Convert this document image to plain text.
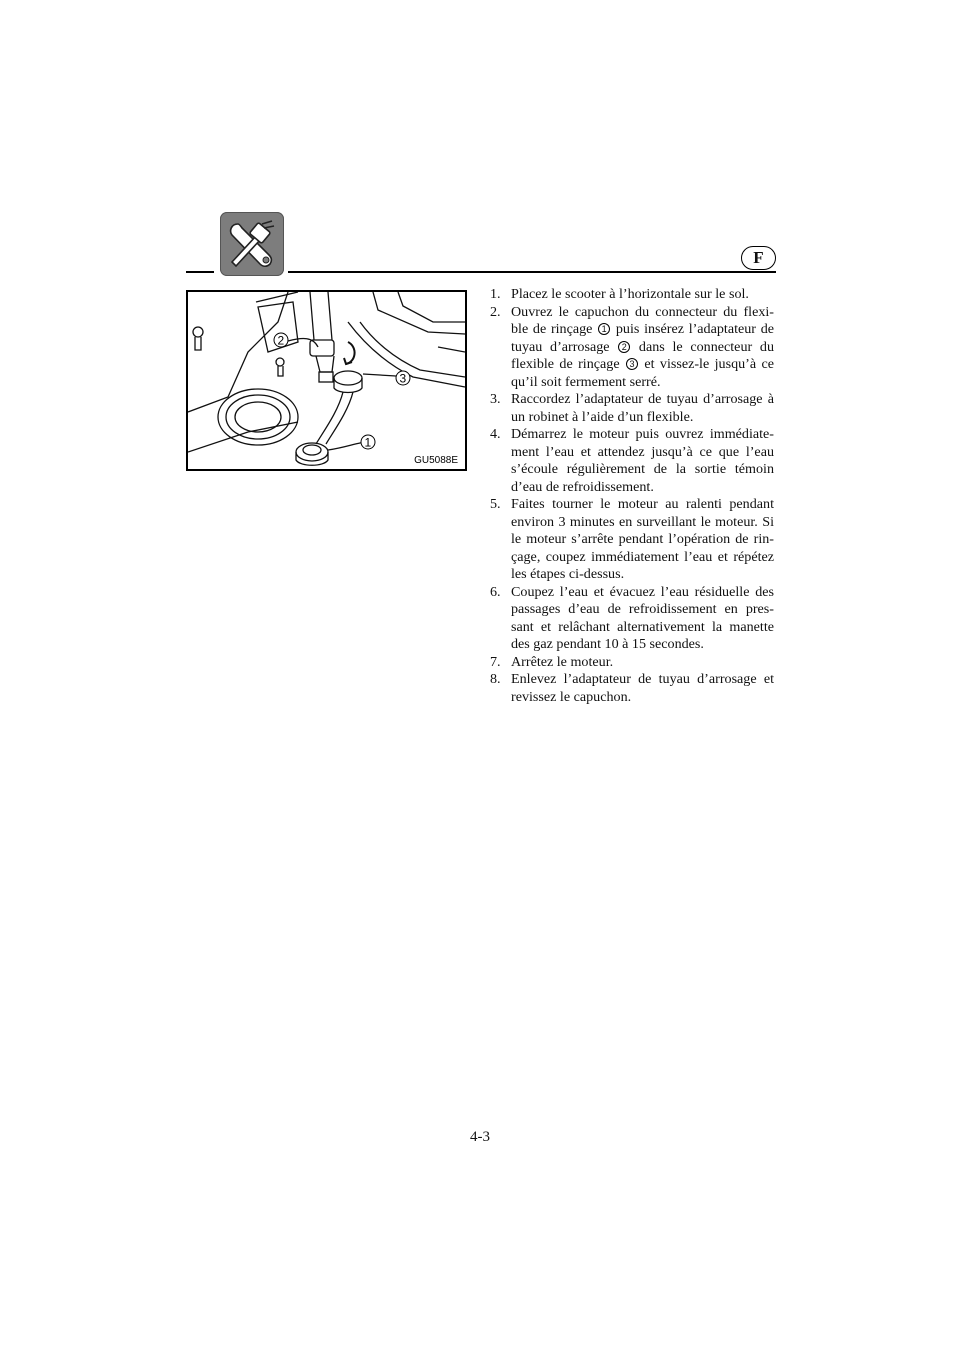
F
1
2
3
GU5088E
1. Placez le scooter à l’horizontale sur le sol.
2. Ouvrez le capuchon du connecteur du flexi-ble de rinçage 1 puis insérez l’adaptateur de tuyau d’arrosage 2 dans le connecteur du flexible de rinçage 3 et vissez-le jusqu’à ce qu’il soit fermement serré.
3. Raccordez l’adaptateur de tuyau d’arrosage à un robinet à l’aide d’un flexible.
4. Démarrez le moteur puis ouvrez immédiate-ment l’eau et attendez jusqu’à ce que l’eau s’écoule régulièrement de la sortie témoin d’eau de refroidissement.
5. Faites tourner le moteur au ralenti pendant environ 3 minutes en surveillant le moteur. Si le moteur s’arrête pendant l’opération de rin-çage, coupez immédiatement l’eau et répétez les étapes ci-dessus.
6. Coupez l’eau et évacuez l’eau résiduelle des passages d’eau de refroidissement en pres-sant et relâchant alternativement la manette des gaz pendant 10 à 15 secondes.
7. Arrêtez le moteur.
8. Enlevez l’adaptateur de tuyau d’arrosage et revissez le capuchon.
4-3
